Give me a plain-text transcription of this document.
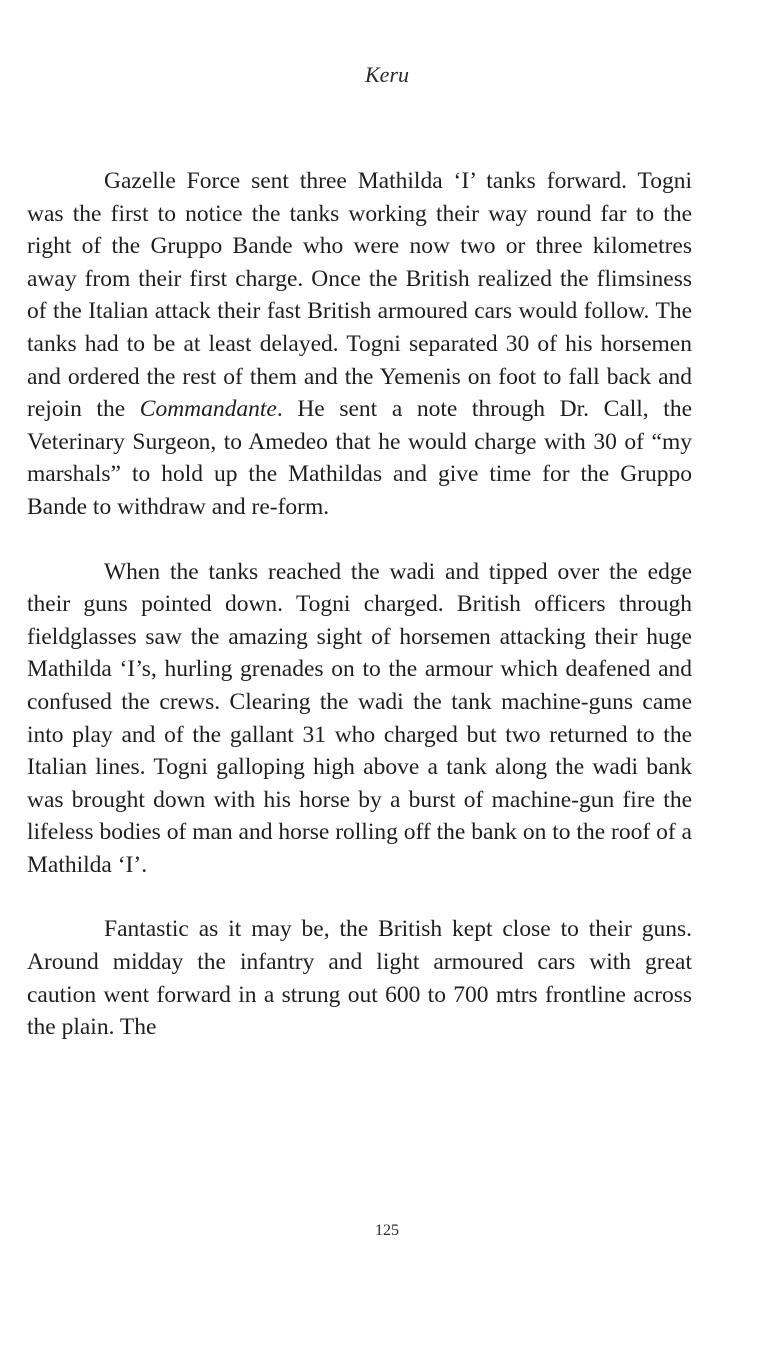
Keru

Gazelle Force sent three Mathilda ‘I’ tanks forward. Togni was the first to notice the tanks working their way round far to the right of the Gruppo Bande who were now two or three kilometres away from their first charge. Once the British realized the flimsiness of the Italian attack their fast British armoured cars would follow. The tanks had to be at least delayed. Togni separated 30 of his horsemen and ordered the rest of them and the Yemenis on foot to fall back and rejoin the Commandante. He sent a note through Dr. Call, the Veterinary Surgeon, to Amedeo that he would charge with 30 of “my marshals” to hold up the Mathildas and give time for the Gruppo Bande to withdraw and re-form.

When the tanks reached the wadi and tipped over the edge their guns pointed down. Togni charged. British officers through fieldglasses saw the amazing sight of horsemen attacking their huge Mathilda ‘I’s, hurling grenades on to the armour which deafened and confused the crews. Clearing the wadi the tank machine-guns came into play and of the gallant 31 who charged but two returned to the Italian lines. Togni galloping high above a tank along the wadi bank was brought down with his horse by a burst of machine-gun fire the lifeless bodies of man and horse rolling off the bank on to the roof of a Mathilda ‘I’.

Fantastic as it may be, the British kept close to their guns. Around midday the infantry and light armoured cars with great caution went forward in a strung out 600 to 700 mtrs frontline across the plain. The

125
